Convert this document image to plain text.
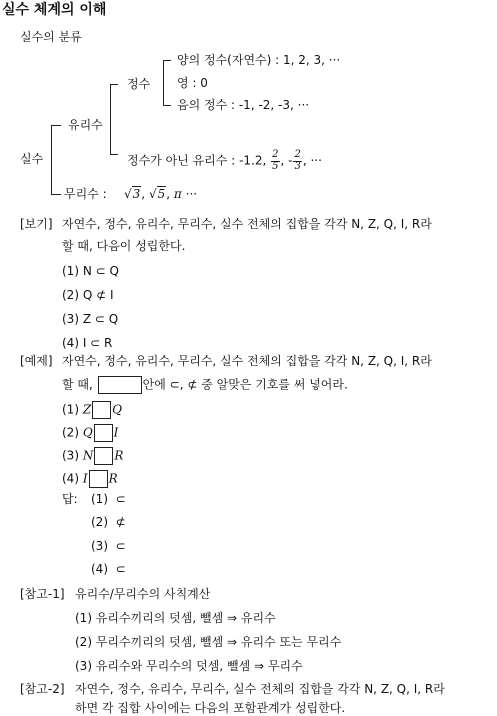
실수 체계의 이해
실수의 분류
실수
유리수
무리수 : √3, √5, π ···
정수
정수가 아닌 유리수 : -1.2, $\frac{2}{5}$ , - $\frac{2}{3}$ , ···
양의 정수(자연수) : 1, 2, 3, ···
영 : 0
음의 정수 : -1, -2, -3, ···
[보기] 자연수, 정수, 유리수, 무리수, 실수 전체의 집합을 각각 N, Z, Q, I, R라
할 때, 다음이 성립한다.
(1) N ⊂ Q
(2) Q ⊄ I
(3) Z ⊂ Q
(4) I ⊂ R
[예제] 자연수, 정수, 유리수, 무리수, 실수 전체의 집합을 각각 N, Z, Q, I, R라
할 때,	안에 ⊂, ⊄ 중 알맞은 기호를 써 넣어라.
(1) Z Q
(2) Q I
(3) N R
(4) I R
답: (1) ⊂
(2) ⊄
(3) ⊂
(4) ⊂
[참고-1] 유리수/무리수의 사칙계산
(1) 유리수끼리의 덧셈, 뺄셈 ⇒ 유리수
(2) 무리수끼리의 덧셈, 뺄셈 ⇒ 유리수 또는 무리수
(3) 유리수와 무리수의 덧셈, 뺄셈 ⇒ 무리수
[참고-2] 자연수, 정수, 유리수, 무리수, 실수 전체의 집합을 각각 N, Z, Q, I, R라
하면 각 집합 사이에는 다음의 포함관계가 성립한다.
